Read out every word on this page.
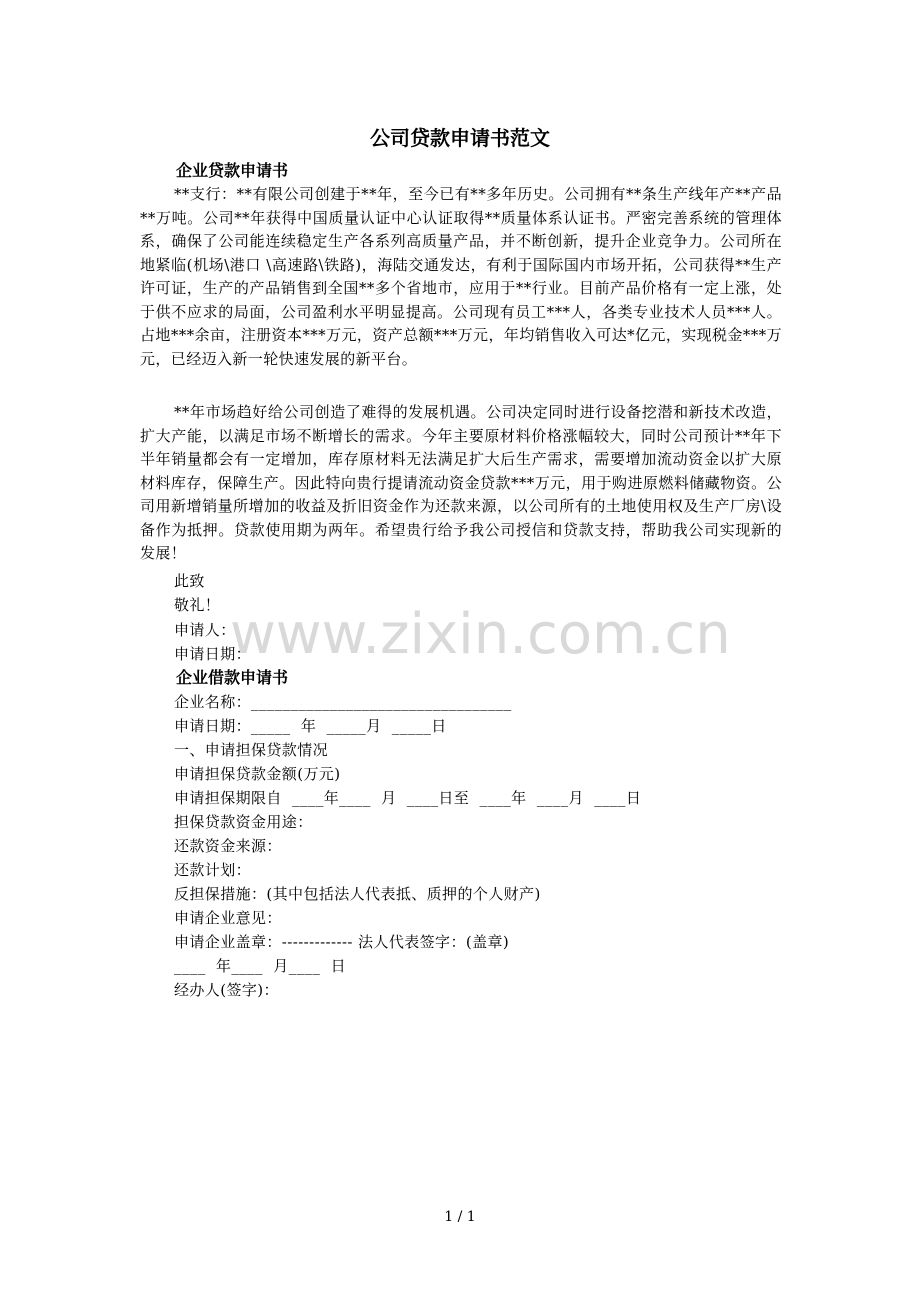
公司贷款申请书范文
企业贷款申请书
**支行：**有限公司创建于**年，至今已有**多年历史。公司拥有**条生产线年产**产品**万吨。公司**年获得中国质量认证中心认证取得**质量体系认证书。严密完善系统的管理体系，确保了公司能连续稳定生产各系列高质量产品，并不断创新，提升企业竞争力。公司所在地紧临(机场\港口 \高速路\铁路)，海陆交通发达，有利于国际国内市场开拓，公司获得**生产许可证，生产的产品销售到全国**多个省地市，应用于**行业。目前产品价格有一定上涨，处于供不应求的局面，公司盈利水平明显提高。公司现有员工***人，各类专业技术人员***人。占地***余亩，注册资本***万元，资产总额***万元，年均销售收入可达*亿元，实现税金***万元，已经迈入新一轮快速发展的新平台。
**年市场趋好给公司创造了难得的发展机遇。公司决定同时进行设备挖潜和新技术改造，扩大产能，以满足市场不断增长的需求。今年主要原材料价格涨幅较大，同时公司预计**年下半年销量都会有一定增加，库存原材料无法满足扩大后生产需求，需要增加流动资金以扩大原材料库存，保障生产。因此特向贵行提请流动资金贷款***万元，用于购进原燃料储藏物资。公司用新增销量所增加的收益及折旧资金作为还款来源，以公司所有的土地使用权及生产厂房\设备作为抵押。贷款使用期为两年。希望贵行给予我公司授信和贷款支持，帮助我公司实现新的发展！
此致
敬礼！
申请人：
申请日期：
企业借款申请书
企业名称：_________________________________
申请日期：_____  年  _____月  _____日
一、申请担保贷款情况
申请担保贷款金额(万元)
申请担保期限自  ____年____  月  ____日至  ____年  ____月  ____日
担保贷款资金用途：
还款资金来源：
还款计划：
反担保措施：(其中包括法人代表抵、质押的个人财产)
申请企业意见：
申请企业盖章：------------- 法人代表签字：(盖章)
____  年____  月____  日
经办人(签字)：
1 / 1
www.zixin.com.cn
